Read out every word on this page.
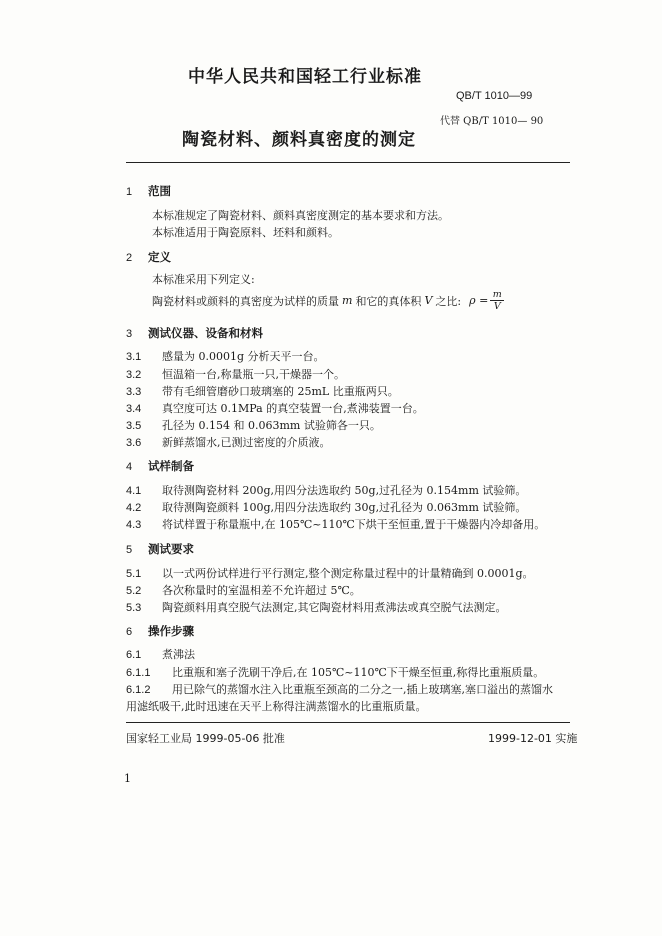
中华人民共和国轻工行业标准
QB/T 1010—99
代替 QB/T 1010— 90
陶瓷材料、颜料真密度的测定
1 范围
本标准规定了陶瓷材料、颜料真密度测定的基本要求和方法。
本标准适用于陶瓷原料、坯料和颜料。
2 定义
本标准采用下列定义:
陶瓷材料或颜料的真密度为试样的质量 m 和它的真体积 V 之比: $\rho = \frac{m}{V}$
3 测试仪器、设备和材料
3.1 感量为 0.0001g 分析天平一台。
3.2 恒温箱一台,称量瓶一只,干燥器一个。
3.3 带有毛细管磨砂口玻璃塞的 25mL 比重瓶两只。
3.4 真空度可达 0.1MPa 的真空装置一台,煮沸装置一台。
3.5 孔径为 0.154 和 0.063mm 试验筛各一只。
3.6 新鲜蒸馏水,已测过密度的介质液。
4 试样制备
4.1 取待测陶瓷材料 200g,用四分法选取约 50g,过孔径为 0.154mm 试验筛。
4.2 取待测陶瓷颜料 100g,用四分法选取约 30g,过孔径为 0.063mm 试验筛。
4.3 将试样置于称量瓶中,在 105℃~110℃下烘干至恒重,置于干燥器内冷却备用。
5 测试要求
5.1 以一式两份试样进行平行测定,整个测定称量过程中的计量精确到 0.0001g。
5.2 各次称量时的室温相差不允许超过 5℃。
5.3 陶瓷颜料用真空脱气法测定,其它陶瓷材料用煮沸法或真空脱气法测定。
6 操作步骤
6.1 煮沸法
6.1.1 比重瓶和塞子洗刷干净后,在 105℃~110℃下干燥至恒重,称得比重瓶质量。
6.1.2 用已除气的蒸馏水注入比重瓶至颈高的二分之一,插上玻璃塞,塞口溢出的蒸馏水
用滤纸吸干,此时迅速在天平上称得注满蒸馏水的比重瓶质量。
国家轻工业局 1999-05-06 批准	1999-12-01 实施
1
